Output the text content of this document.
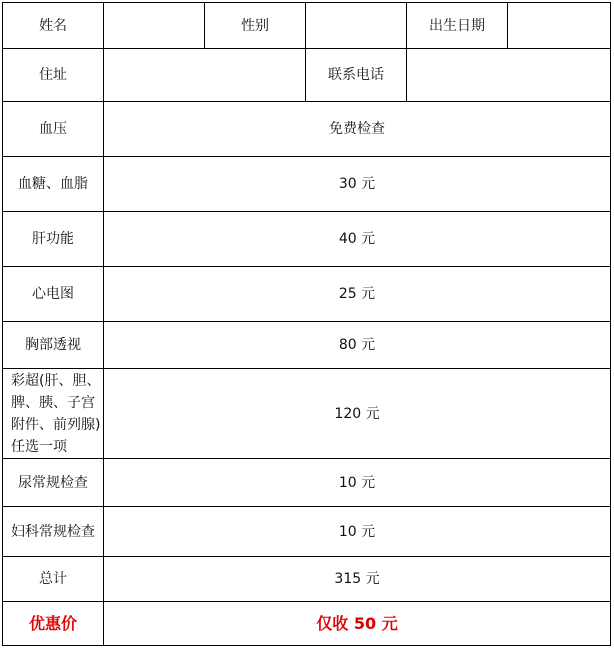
姓名		性别		出生日期	
住址			联系电话		
血压	免费检查				
血糖、血脂	30 元				
肝功能	40 元				
心电图	25 元				
胸部透视	80 元				
彩超(肝、胆、脾、胰、子宫附件、前列腺)任选一项	120 元				
尿常规检查	10 元				
妇科常规检查	10 元				
总计	315 元				
优惠价	仅收 50 元				
